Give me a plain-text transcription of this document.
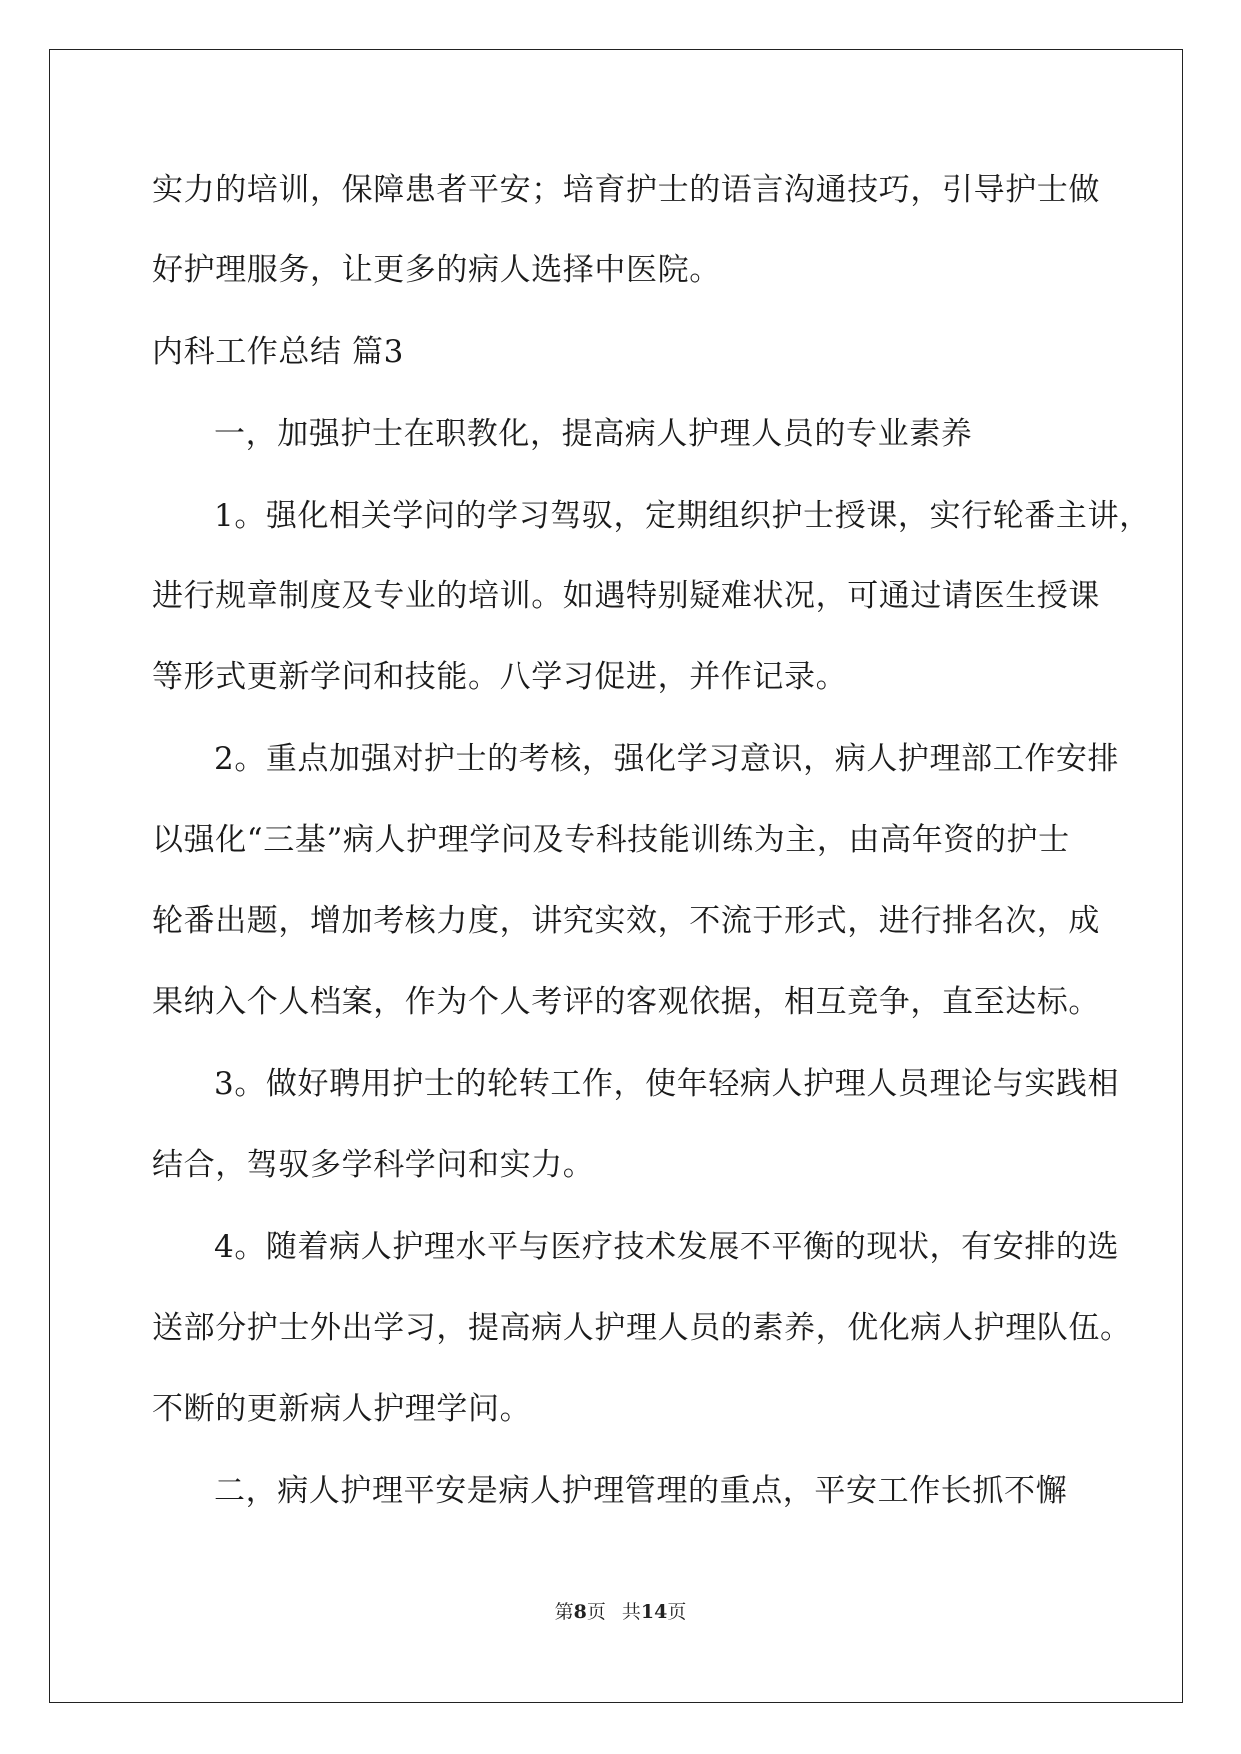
实力的培训，保障患者平安；培育护士的语言沟通技巧，引导护士做
好护理服务，让更多的病人选择中医院。
内科工作总结 篇3
一，加强护士在职教化，提高病人护理人员的专业素养
1。强化相关学问的学习驾驭，定期组织护士授课，实行轮番主讲，
进行规章制度及专业的培训。如遇特别疑难状况，可通过请医生授课
等形式更新学问和技能。八学习促进，并作记录。
2。重点加强对护士的考核，强化学习意识，病人护理部工作安排
以强化“三基”病人护理学问及专科技能训练为主，由高年资的护士
轮番出题，增加考核力度，讲究实效，不流于形式，进行排名次，成
果纳入个人档案，作为个人考评的客观依据，相互竞争，直至达标。
3。做好聘用护士的轮转工作，使年轻病人护理人员理论与实践相
结合，驾驭多学科学问和实力。
4。随着病人护理水平与医疗技术发展不平衡的现状，有安排的选
送部分护士外出学习，提高病人护理人员的素养，优化病人护理队伍。
不断的更新病人护理学问。
二，病人护理平安是病人护理管理的重点，平安工作长抓不懈
第8页 共14页
